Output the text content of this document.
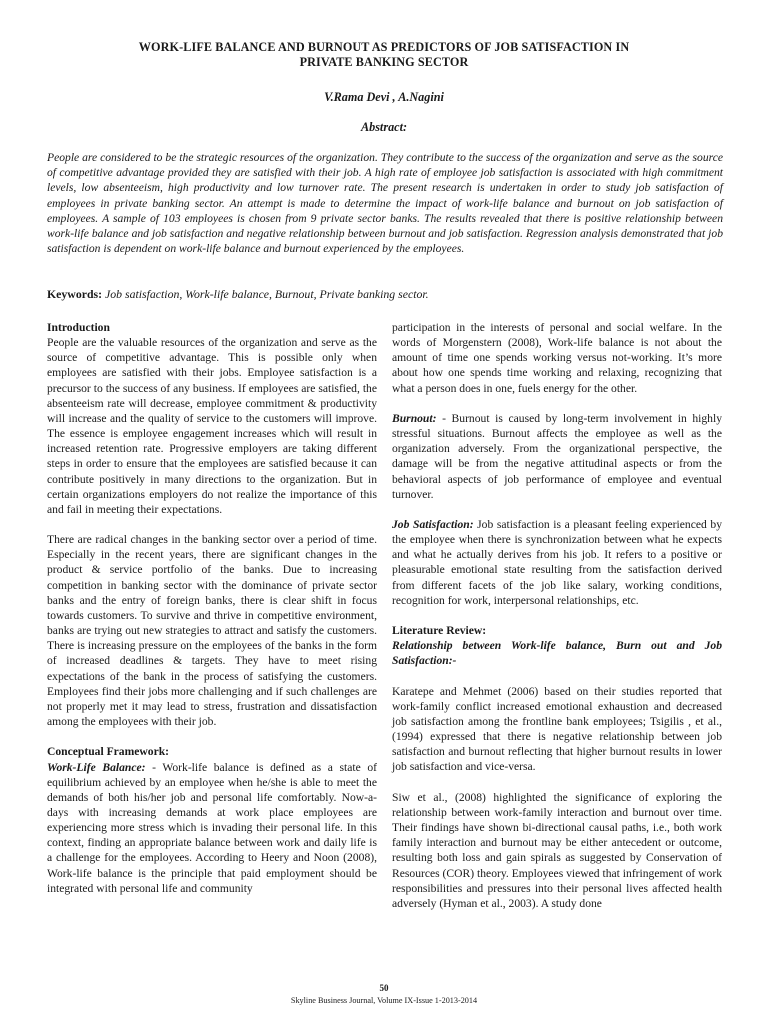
WORK-LIFE BALANCE AND BURNOUT AS PREDICTORS OF JOB SATISFACTION IN
PRIVATE BANKING SECTOR
V.Rama Devi , A.Nagini
Abstract:

People are considered to be the strategic resources of the organization. They contribute to the success of the organization and serve as the source of competitive advantage provided they are satisfied with their job. A high rate of employee job satisfaction is associated with high commitment levels, low absenteeism, high productivity and low turnover rate. The present research is undertaken in order to study job satisfaction of employees in private banking sector. An attempt is made to determine the impact of work-life balance and burnout on job satisfaction of employees. A sample of 103 employees is chosen from 9 private sector banks. The results revealed that there is positive relationship between work-life balance and job satisfaction and negative relationship between burnout and job satisfaction. Regression analysis demonstrated that job satisfaction is dependent on work-life balance and burnout experienced by the employees.

Keywords: Job satisfaction, Work-life balance, Burnout, Private banking sector.

Introduction

People are the valuable resources of the organization and serve as the source of competitive advantage. This is possible only when employees are satisfied with their jobs. Employee satisfaction is a precursor to the success of any business. If employees are satisfied, the absenteeism rate will decrease, employee commitment & productivity will increase and the quality of service to the customers will improve. The essence is employee engagement increases which will result in increased retention rate. Progressive employers are taking different steps in order to ensure that the employees are satisfied because it can contribute positively in many directions to the organization. But in certain organizations employers do not realize the importance of this and fail in meeting their expectations.

There are radical changes in the banking sector over a period of time. Especially in the recent years, there are significant changes in the product & service portfolio of the banks. Due to increasing competition in banking sector with the dominance of private sector banks and the entry of foreign banks, there is clear shift in focus towards customers. To survive and thrive in competitive environment, banks are trying out new strategies to attract and satisfy the customers. There is increasing pressure on the employees of the banks in the form of increased deadlines & targets. They have to meet rising expectations of the bank in the process of satisfying the customers. Employees find their jobs more challenging and if such challenges are not properly met it may lead to stress, frustration and dissatisfaction among the employees with their job.

Conceptual Framework:

Work-Life Balance: - Work-life balance is defined as a state of equilibrium achieved by an employee when he/she is able to meet the demands of both his/her job and personal life comfortably. Now-a-days with increasing demands at work place employees are experiencing more stress which is invading their personal life. In this context, finding an appropriate balance between work and daily life is a challenge for the employees. According to Heery and Noon (2008), Work-life balance is the principle that paid employment should be integrated with personal life and community

participation in the interests of personal and social welfare. In the words of Morgenstern (2008), Work-life balance is not about the amount of time one spends working versus not-working. It’s more about how one spends time working and relaxing, recognizing that what a person does in one, fuels energy for the other.

Burnout: - Burnout is caused by long-term involvement in highly stressful situations. Burnout affects the employee as well as the organization adversely. From the organizational perspective, the damage will be from the negative attitudinal aspects or from the behavioral aspects of job performance of employee and eventual turnover.

Job Satisfaction: Job satisfaction is a pleasant feeling experienced by the employee when there is synchronization between what he expects and what he actually derives from his job. It refers to a positive or pleasurable emotional state resulting from the satisfaction derived from different facets of the job like salary, working conditions, recognition for work, interpersonal relationships, etc.

Literature Review:

Relationship between Work-life balance, Burn out and Job Satisfaction:-

Karatepe and Mehmet (2006) based on their studies reported that work-family conflict increased emotional exhaustion and decreased job satisfaction among the frontline bank employees; Tsigilis , et al., (1994) expressed that there is negative relationship between job satisfaction and burnout reflecting that higher burnout results in lower job satisfaction and vice-versa.

Siw et al., (2008) highlighted the significance of exploring the relationship between work-family interaction and burnout over time. Their findings have shown bi-directional causal paths, i.e., both work family interaction and burnout may be either antecedent or outcome, resulting both loss and gain spirals as suggested by Conservation of Resources (COR) theory. Employees viewed that infringement of work responsibilities and pressures into their personal lives affected health adversely (Hyman et al., 2003). A study done

50
Skyline Business Journal, Volume IX-Issue 1-2013-2014
